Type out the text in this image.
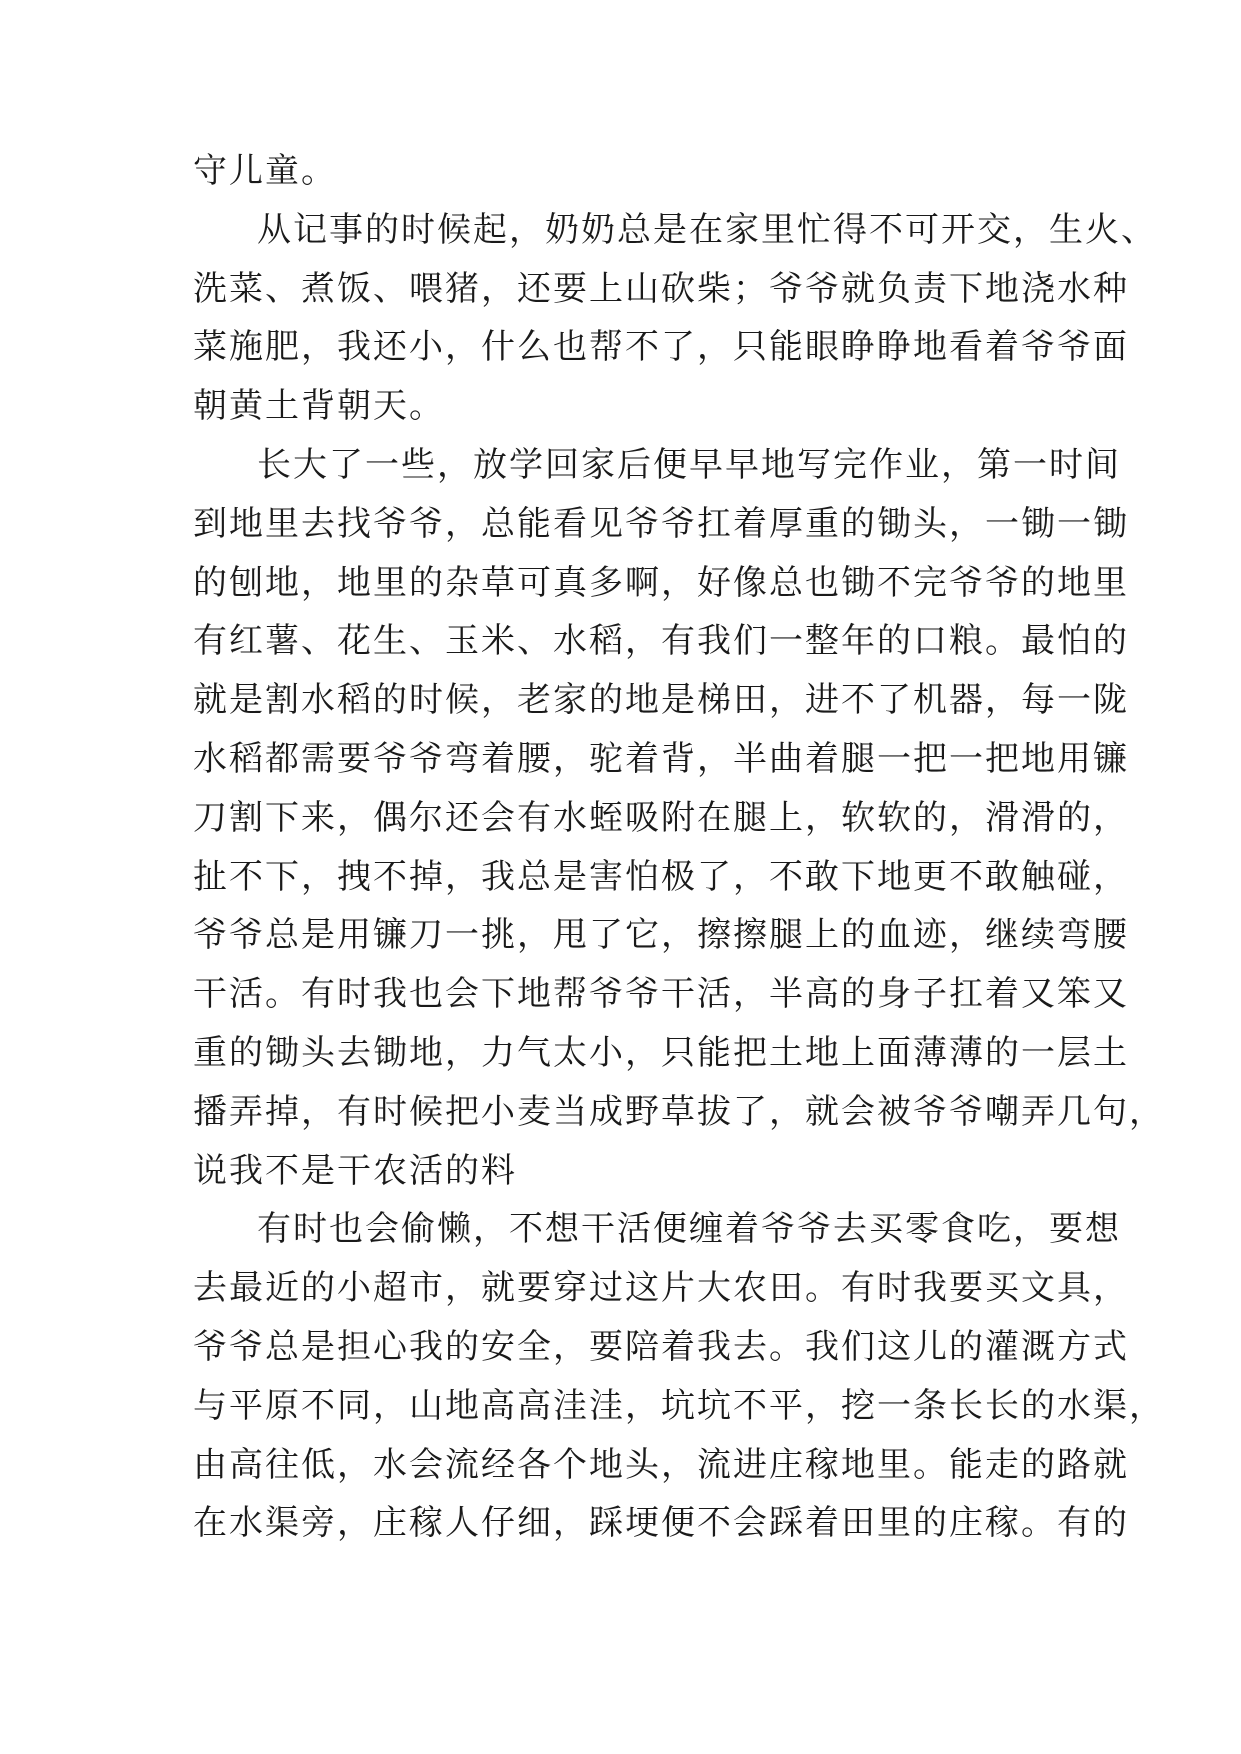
守儿童。
从记事的时候起，奶奶总是在家里忙得不可开交，生火、
洗菜、煮饭、喂猪，还要上山砍柴；爷爷就负责下地浇水种
菜施肥，我还小，什么也帮不了，只能眼睁睁地看着爷爷面
朝黄土背朝天。
长大了一些，放学回家后便早早地写完作业，第一时间
到地里去找爷爷，总能看见爷爷扛着厚重的锄头，一锄一锄
的刨地，地里的杂草可真多啊，好像总也锄不完爷爷的地里
有红薯、花生、玉米、水稻，有我们一整年的口粮。最怕的
就是割水稻的时候，老家的地是梯田，进不了机器，每一陇
水稻都需要爷爷弯着腰，驼着背，半曲着腿一把一把地用镰
刀割下来，偶尔还会有水蛭吸附在腿上，软软的，滑滑的，
扯不下，拽不掉，我总是害怕极了，不敢下地更不敢触碰，
爷爷总是用镰刀一挑，甩了它，擦擦腿上的血迹，继续弯腰
干活。有时我也会下地帮爷爷干活，半高的身子扛着又笨又
重的锄头去锄地，力气太小，只能把土地上面薄薄的一层土
播弄掉，有时候把小麦当成野草拔了，就会被爷爷嘲弄几句，
说我不是干农活的料
有时也会偷懒，不想干活便缠着爷爷去买零食吃，要想
去最近的小超市，就要穿过这片大农田。有时我要买文具，
爷爷总是担心我的安全，要陪着我去。我们这儿的灌溉方式
与平原不同，山地高高洼洼，坑坑不平，挖一条长长的水渠，
由高往低，水会流经各个地头，流进庄稼地里。能走的路就
在水渠旁，庄稼人仔细，踩埂便不会踩着田里的庄稼。有的
